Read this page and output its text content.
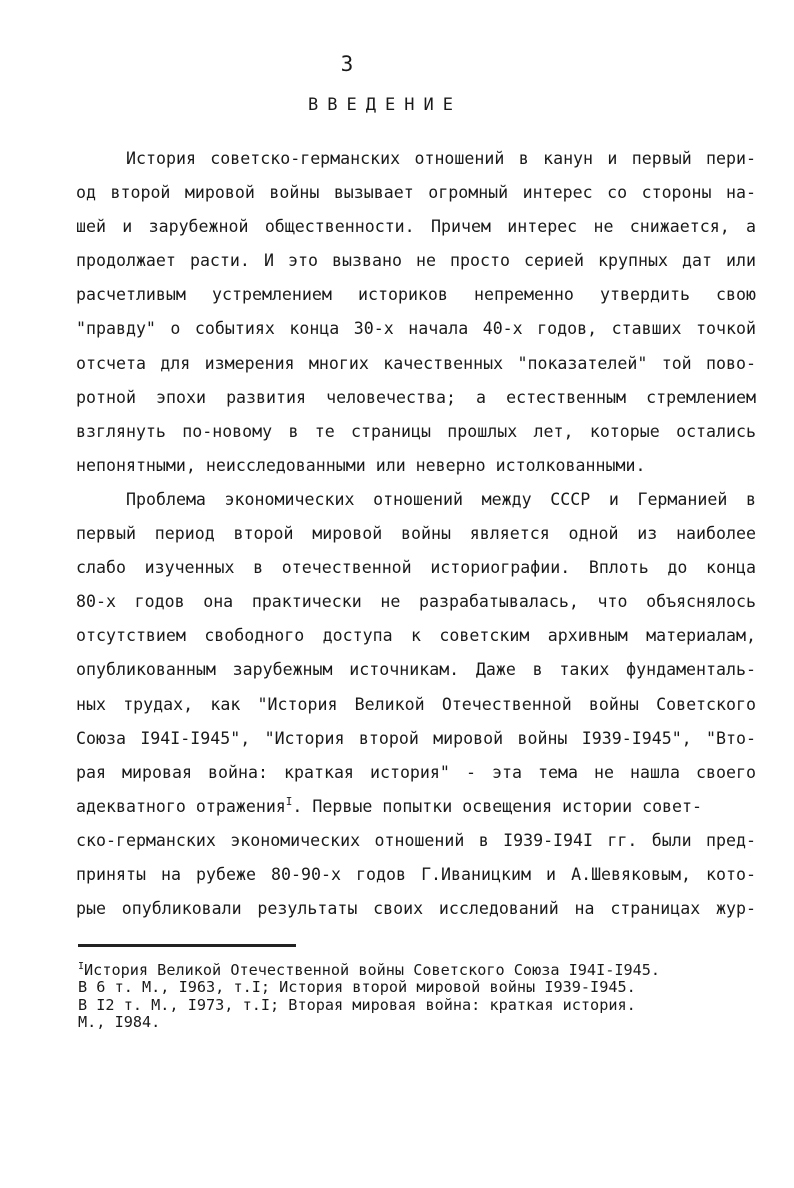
3
ВВЕДЕНИЕ
История советско-германских отношений в канун и первый пери-
од второй мировой войны вызывает огромный интерес со стороны на-
шей и зарубежной общественности. Причем интерес не снижается, а
продолжает расти. И это вызвано не просто серией крупных дат или
расчетливым устремлением историков непременно утвердить свою
"правду" о событиях конца 30-х начала 40-х годов, ставших точкой
отсчета для измерения многих качественных "показателей" той пово-
ротной эпохи развития человечества; а естественным стремлением
взглянуть по-новому в те страницы прошлых лет, которые остались
непонятными, неисследованными или неверно истолкованными.
Проблема экономических отношений между СССР и Германией в
первый период второй мировой войны является одной из наиболее
слабо изученных в отечественной историографии. Вплоть до конца
80-х годов она практически не разрабатывалась, что объяснялось
отсутствием свободного доступа к советским архивным материалам,
опубликованным зарубежным источникам. Даже в таких фундаменталь-
ных трудах, как "История Великой Отечественной войны Советского
Союза I94I-I945", "История второй мировой войны I939-I945", "Вто-
рая мировая война: краткая история" - эта тема не нашла своего
адекватного отражения$^I$. Первые попытки освещения истории совет-
ско-германских экономических отношений в I939-I94I гг. были пред-
приняты на рубеже 80-90-х годов Г.Иваницким и А.Шевяковым, кото-
рые опубликовали результаты своих исследований на страницах жур-
$^I$История Великой Отечественной войны Советского Союза I94I-I945.
В 6 т. М., I963, т.I; История второй мировой войны I939-I945.
В I2 т. М., I973, т.I; Вторая мировая война: краткая история.
М., I984.
